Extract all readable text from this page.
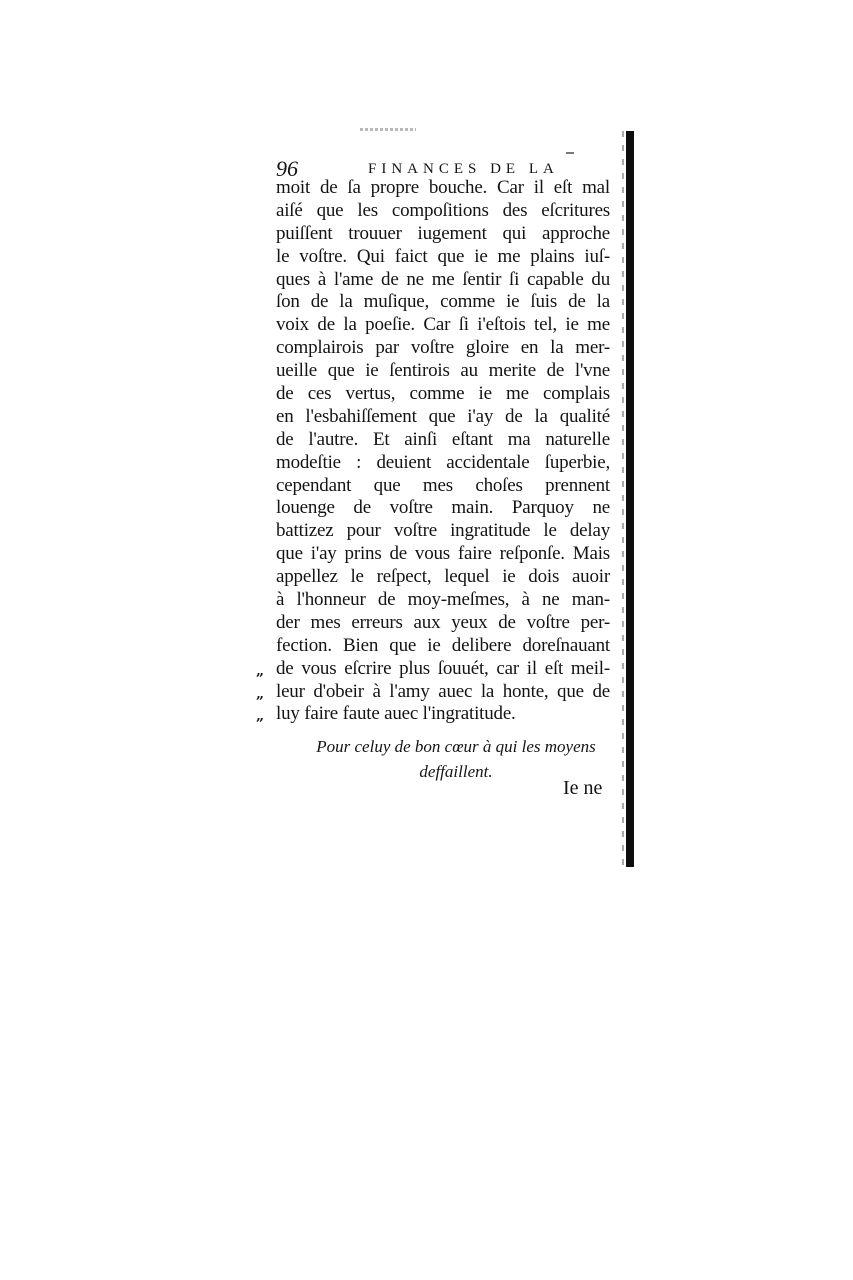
96	FINANCES DE LA
moit de ſa propre bouche. Car il eſt mal
aiſé que les compoſitions des eſcritures
puiſſent trouuer iugement qui approche
le voſtre. Qui faict que ie me plains iuſ-
ques à l'ame de ne me ſentir ſi capable du
ſon de la muſique, comme ie ſuis de la
voix de la poeſie. Car ſi i'eſtois tel, ie me
complairois par voſtre gloire en la mer-
ueille que ie ſentirois au merite de l'vne
de ces vertus, comme ie me complais
en l'esbahiſſement que i'ay de la qualité
de l'autre. Et ainſi eſtant ma naturelle
modeſtie : deuient accidentale ſuperbie,
cependant que mes choſes prennent
louenge de voſtre main. Parquoy ne
battizez pour voſtre ingratitude le delay
que i'ay prins de vous faire reſponſe. Mais
appellez le reſpect, lequel ie dois auoir
à l'honneur de moy-meſmes, à ne man-
der mes erreurs aux yeux de voſtre per-
fection. Bien que ie delibere doreſnauant
„ de vous eſcrire plus ſouuét, car il eſt meil-
„ leur d'obeir à l'amy auec la honte, que de
„ luy faire faute auec l'ingratitude.
Pour celuy de bon cœur à qui les moyens
deffaillent.
Ie ne
